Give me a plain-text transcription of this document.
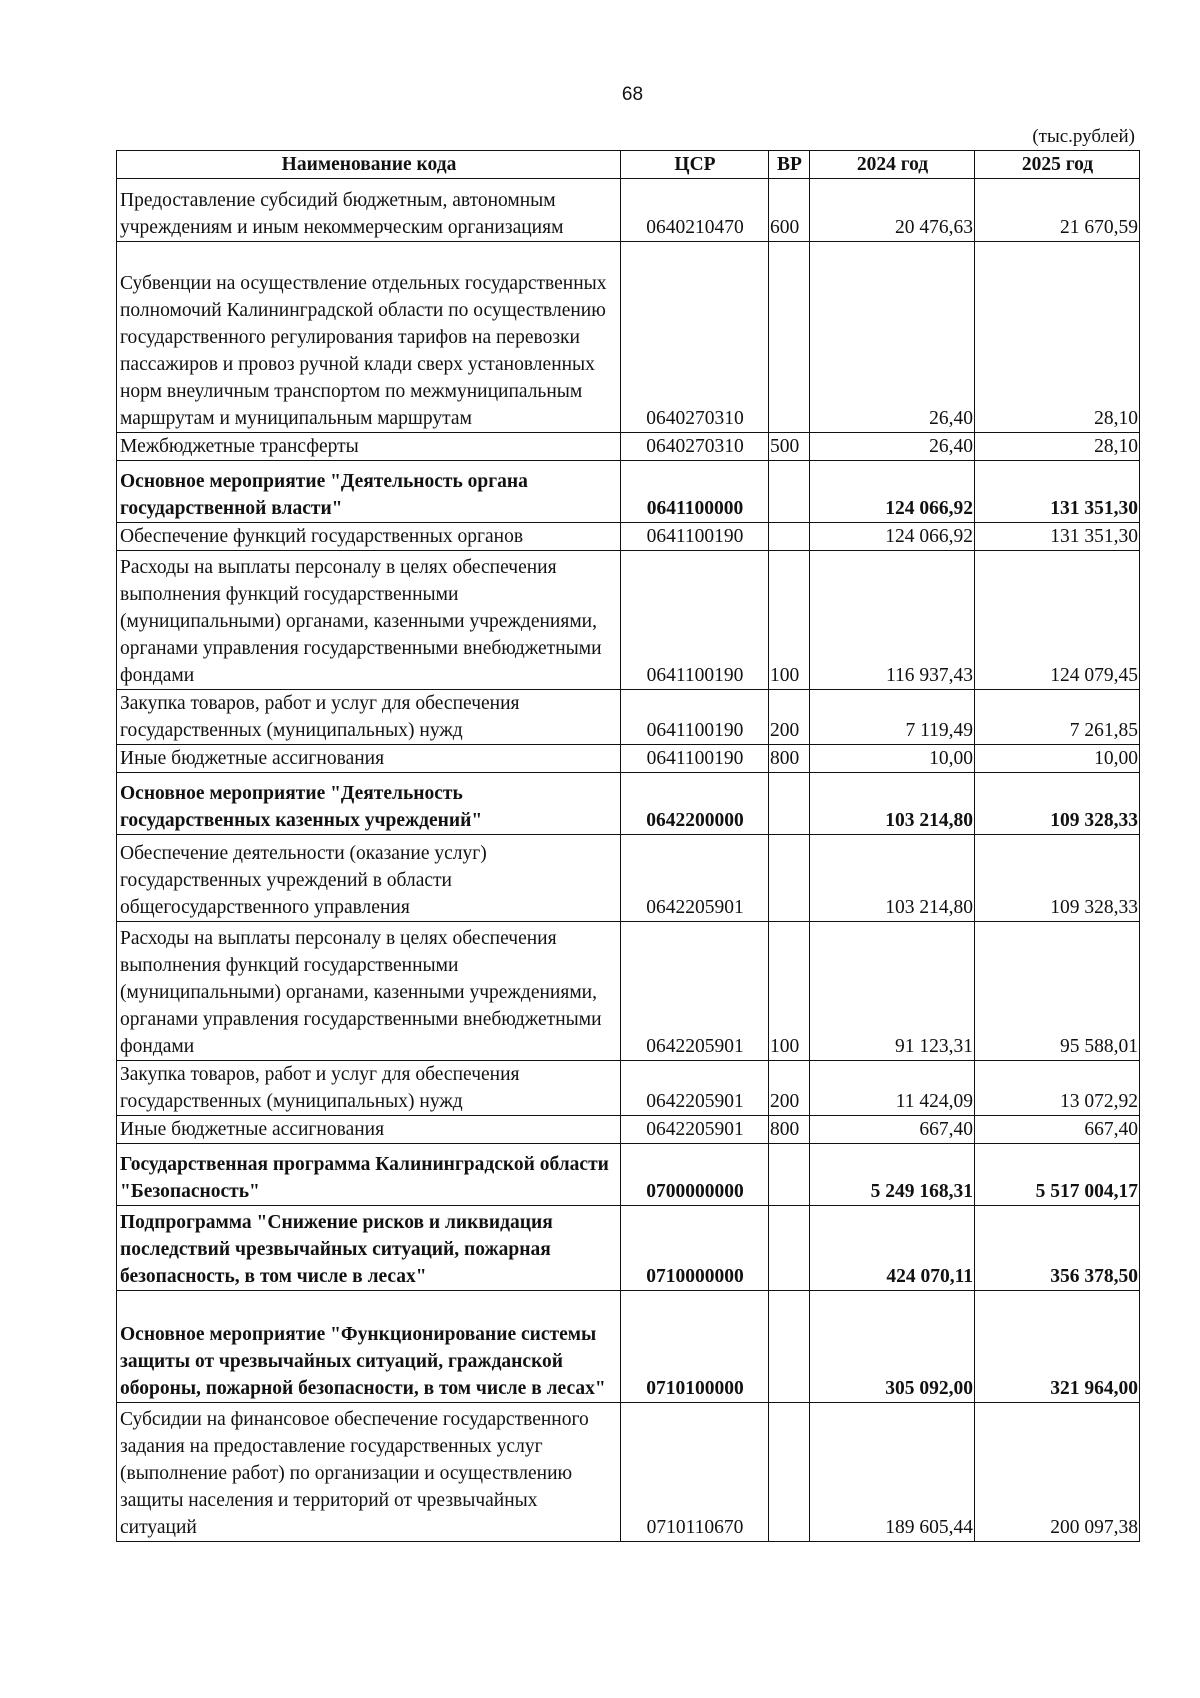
68
(тыс.рублей)
Наименование кода	ЦСР	ВР	2024 год	2025 год
Предоставление субсидий бюджетным, автономным учреждениям и иным некоммерческим организациям	0640210470	600	20 476,63	21 670,59
Субвенции на осуществление отдельных государственных полномочий Калининградской области по осуществлению государственного регулирования тарифов на перевозки пассажиров и провоз ручной клади сверх установленных норм внеуличным транспортом по межмуниципальным маршрутам и муниципальным маршрутам	0640270310		26,40	28,10
Межбюджетные трансферты	0640270310	500	26,40	28,10
Основное мероприятие "Деятельность органа государственной власти"	0641100000		124 066,92	131 351,30
Обеспечение функций государственных органов	0641100190		124 066,92	131 351,30
Расходы на выплаты персоналу в целях обеспечения выполнения функций государственными (муниципальными) органами, казенными учреждениями, органами управления государственными внебюджетными фондами	0641100190	100	116 937,43	124 079,45
Закупка товаров, работ и услуг для обеспечения государственных (муниципальных) нужд	0641100190	200	7 119,49	7 261,85
Иные бюджетные ассигнования	0641100190	800	10,00	10,00
Основное мероприятие "Деятельность государственных казенных учреждений"	0642200000		103 214,80	109 328,33
Обеспечение деятельности (оказание услуг) государственных учреждений в области общегосударственного управления	0642205901		103 214,80	109 328,33
Расходы на выплаты персоналу в целях обеспечения выполнения функций государственными (муниципальными) органами, казенными учреждениями, органами управления государственными внебюджетными фондами	0642205901	100	91 123,31	95 588,01
Закупка товаров, работ и услуг для обеспечения государственных (муниципальных) нужд	0642205901	200	11 424,09	13 072,92
Иные бюджетные ассигнования	0642205901	800	667,40	667,40
Государственная программа Калининградской области "Безопасность"	0700000000		5 249 168,31	5 517 004,17
Подпрограмма "Снижение рисков и ликвидация последствий чрезвычайных ситуаций, пожарная безопасность, в том числе в лесах"	0710000000		424 070,11	356 378,50
Основное мероприятие "Функционирование системы защиты от чрезвычайных ситуаций, гражданской обороны, пожарной безопасности, в том числе в лесах"	0710100000		305 092,00	321 964,00
Субсидии на финансовое обеспечение государственного задания на предоставление государственных услуг (выполнение работ) по организации и осуществлению защиты населения и территорий от чрезвычайных ситуаций	0710110670		189 605,44	200 097,38
